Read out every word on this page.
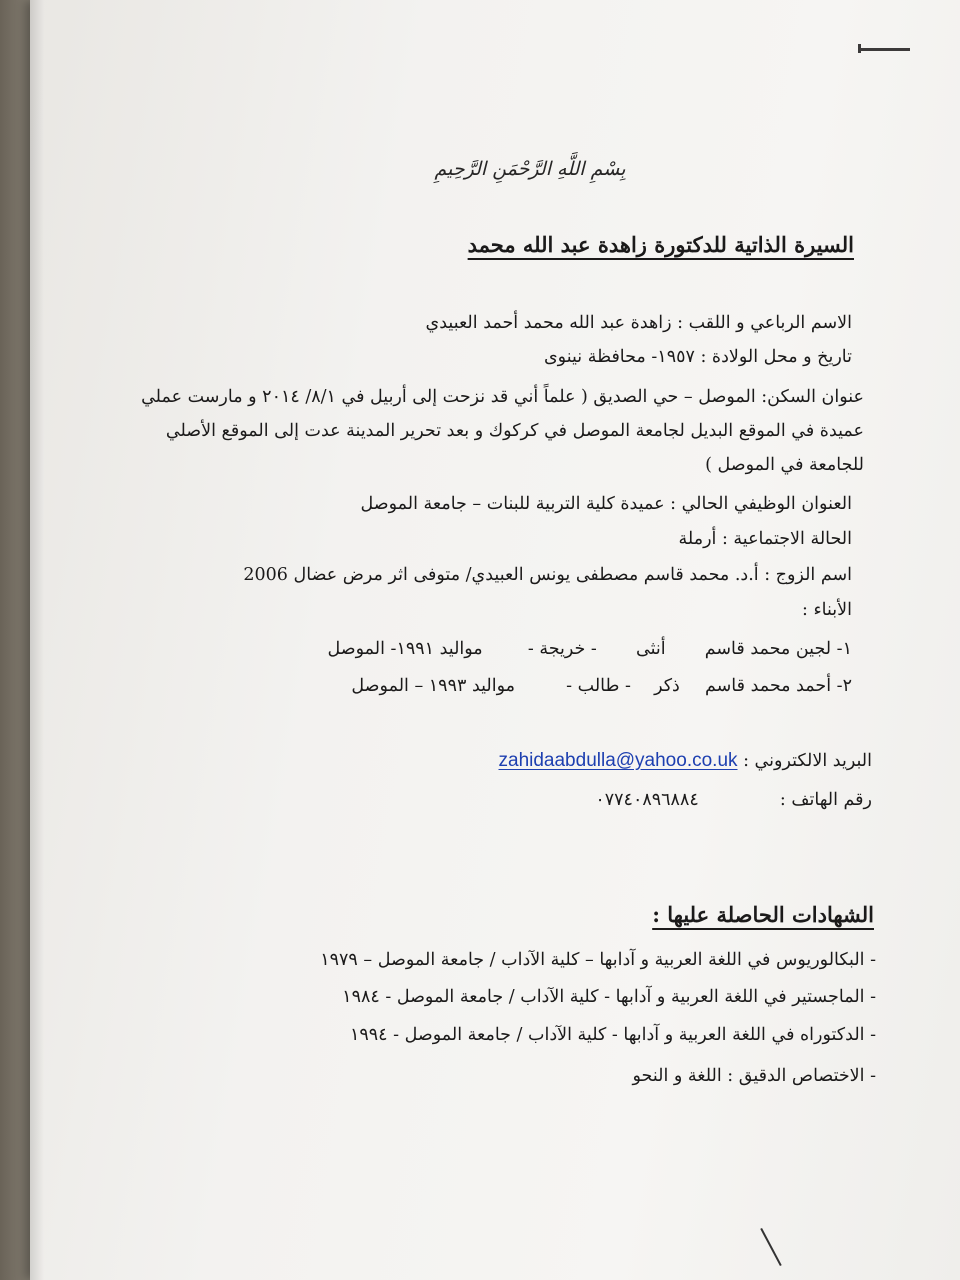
بِسْمِ اللَّهِ الرَّحْمَنِ الرَّحِيمِ
السيرة الذاتية للدكتورة زاهدة عبد الله محمد
الاسم الرباعي و اللقب : زاهدة عبد الله محمد أحمد العبيدي
تاريخ و محل الولادة : ١٩٥٧- محافظة نينوى
عنوان السكن: الموصل – حي الصديق ( علماً أني قد نزحت إلى أربيل في ٨/١/ ٢٠١٤ و مارست عملي عميدة في الموقع البديل لجامعة الموصل في كركوك و بعد تحرير المدينة عدت إلى الموقع الأصلي للجامعة في الموصل )
العنوان الوظيفي الحالي : عميدة كلية التربية للبنات – جامعة الموصل
الحالة الاجتماعية : أرملة
اسم الزوج : أ.د. محمد قاسم مصطفى يونس العبيدي/ متوفى اثر مرض عضال 2006
الأبناء :
١- لجين محمد قاسم  أنثى  - خريجة -  مواليد ١٩٩١- الموصل
٢- أحمد محمد قاسم  ذكر  - طالب -  مواليد ١٩٩٣ – الموصل
البريد الالكتروني : zahidaabdulla@yahoo.co.uk
رقم الهاتف :  ٠٧٧٤٠٨٩٦٨٨٤
الشهادات الحاصلة عليها :
- البكالوريوس في اللغة العربية و آدابها – كلية الآداب / جامعة الموصل – ١٩٧٩
- الماجستير في اللغة العربية و آدابها - كلية الآداب / جامعة الموصل - ١٩٨٤
- الدكتوراه في اللغة العربية و آدابها - كلية الآداب / جامعة الموصل - ١٩٩٤
- الاختصاص الدقيق : اللغة و النحو
